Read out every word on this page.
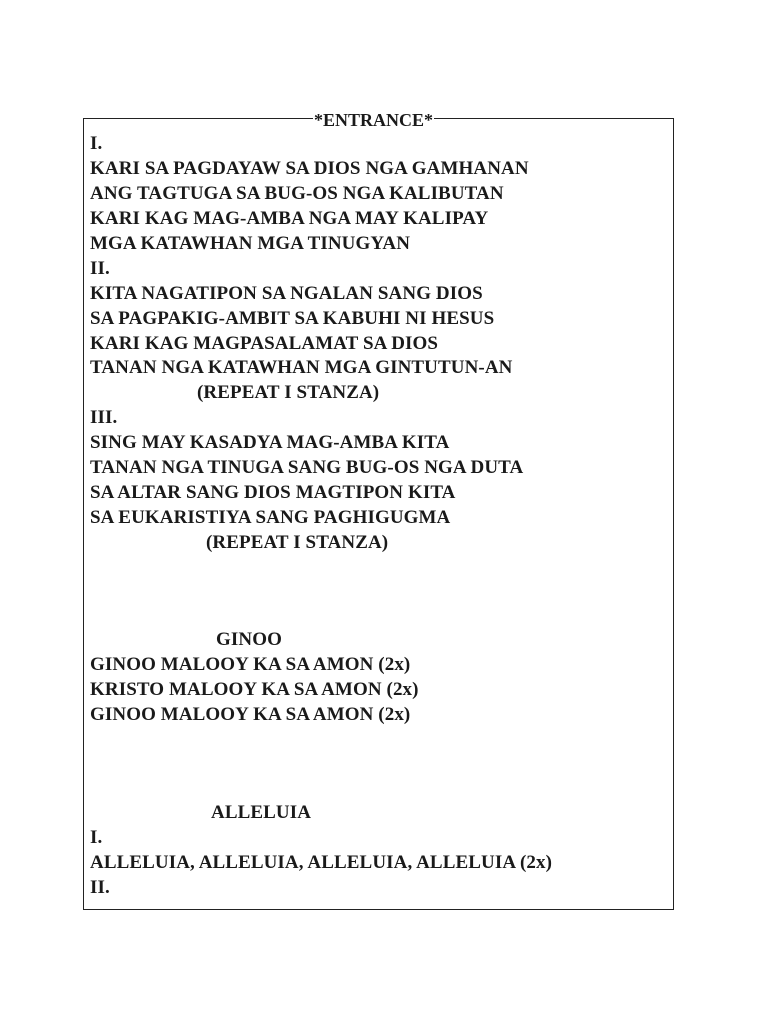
*ENTRANCE*
I.
KARI SA PAGDAYAW SA DIOS NGA GAMHANAN
ANG TAGTUGA SA BUG-OS NGA KALIBUTAN
KARI KAG MAG-AMBA NGA MAY KALIPAY
MGA KATAWHAN MGA TINUGYAN
II.
KITA NAGATIPON SA NGALAN SANG DIOS
SA PAGPAKIG-AMBIT SA KABUHI NI HESUS
KARI KAG MAGPASALAMAT SA DIOS
TANAN NGA KATAWHAN MGA GINTUTUN-AN
(REPEAT I STANZA)
III.
SING MAY KASADYA MAG-AMBA KITA
TANAN NGA TINUGA SANG BUG-OS NGA DUTA
SA ALTAR SANG DIOS MAGTIPON KITA
SA EUKARISTIYA SANG PAGHIGUGMA
(REPEAT I STANZA)
GINOO
GINOO MALOOY KA SA AMON (2x)
KRISTO MALOOY KA SA AMON (2x)
GINOO MALOOY KA SA AMON (2x)
ALLELUIA
I.
ALLELUIA, ALLELUIA, ALLELUIA, ALLELUIA (2x)
II.
